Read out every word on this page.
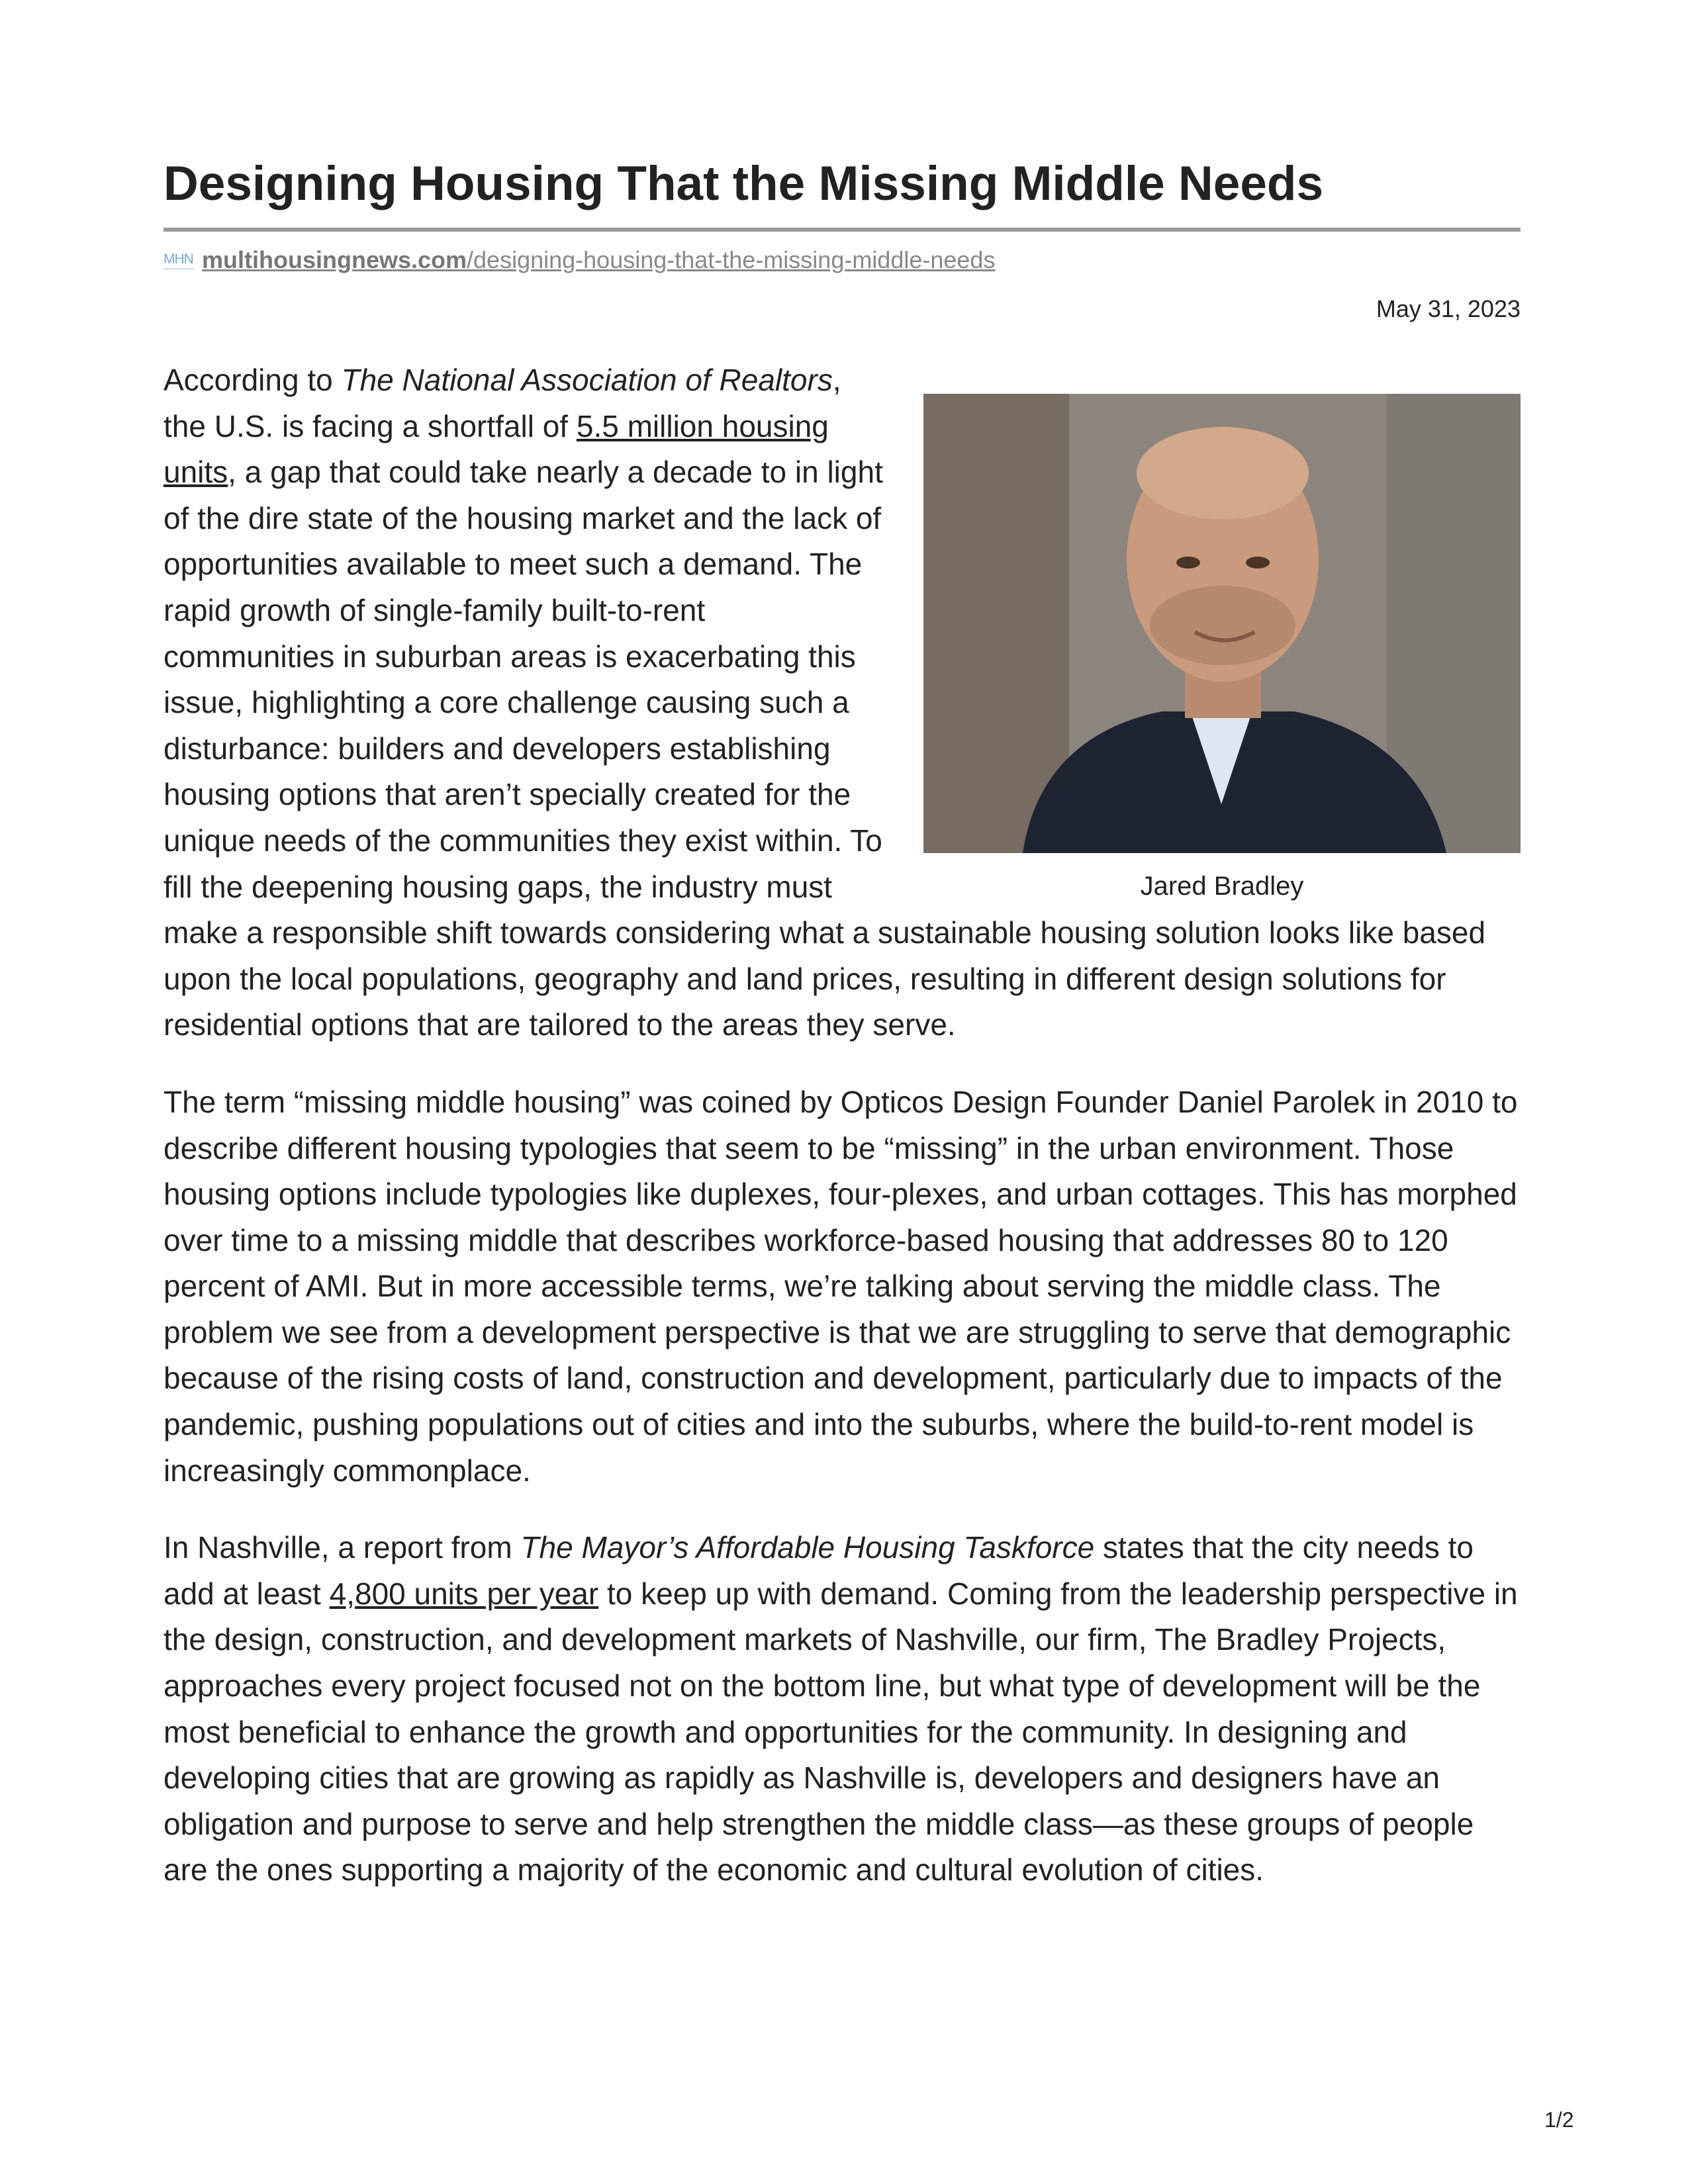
Designing Housing That the Missing Middle Needs
MHN multihousingnews.com/designing-housing-that-the-missing-middle-needs
May 31, 2023
Jared Bradley

According to The National Association of Realtors, the U.S. is facing a shortfall of 5.5 million housing units, a gap that could take nearly a decade to in light of the dire state of the housing market and the lack of opportunities available to meet such a demand. The rapid growth of single-family built-to-rent communities in suburban areas is exacerbating this issue, highlighting a core challenge causing such a disturbance: builders and developers establishing housing options that aren’t specially created for the unique needs of the communities they exist within. To fill the deepening housing gaps, the industry must make a responsible shift towards considering what a sustainable housing solution looks like based upon the local populations, geography and land prices, resulting in different design solutions for residential options that are tailored to the areas they serve.

The term “missing middle housing” was coined by Opticos Design Founder Daniel Parolek in 2010 to describe different housing typologies that seem to be “missing” in the urban environment. Those housing options include typologies like duplexes, four-plexes, and urban cottages. This has morphed over time to a missing middle that describes workforce-based housing that addresses 80 to 120 percent of AMI. But in more accessible terms, we’re talking about serving the middle class. The problem we see from a development perspective is that we are struggling to serve that demographic because of the rising costs of land, construction and development, particularly due to impacts of the pandemic, pushing populations out of cities and into the suburbs, where the build-to-rent model is increasingly commonplace.

In Nashville, a report from The Mayor’s Affordable Housing Taskforce states that the city needs to add at least 4,800 units per year to keep up with demand. Coming from the leadership perspective in the design, construction, and development markets of Nashville, our firm, The Bradley Projects, approaches every project focused not on the bottom line, but what type of development will be the most beneficial to enhance the growth and opportunities for the community. In designing and developing cities that are growing as rapidly as Nashville is, developers and designers have an obligation and purpose to serve and help strengthen the middle class—as these groups of people are the ones supporting a majority of the economic and cultural evolution of cities.

1/2
